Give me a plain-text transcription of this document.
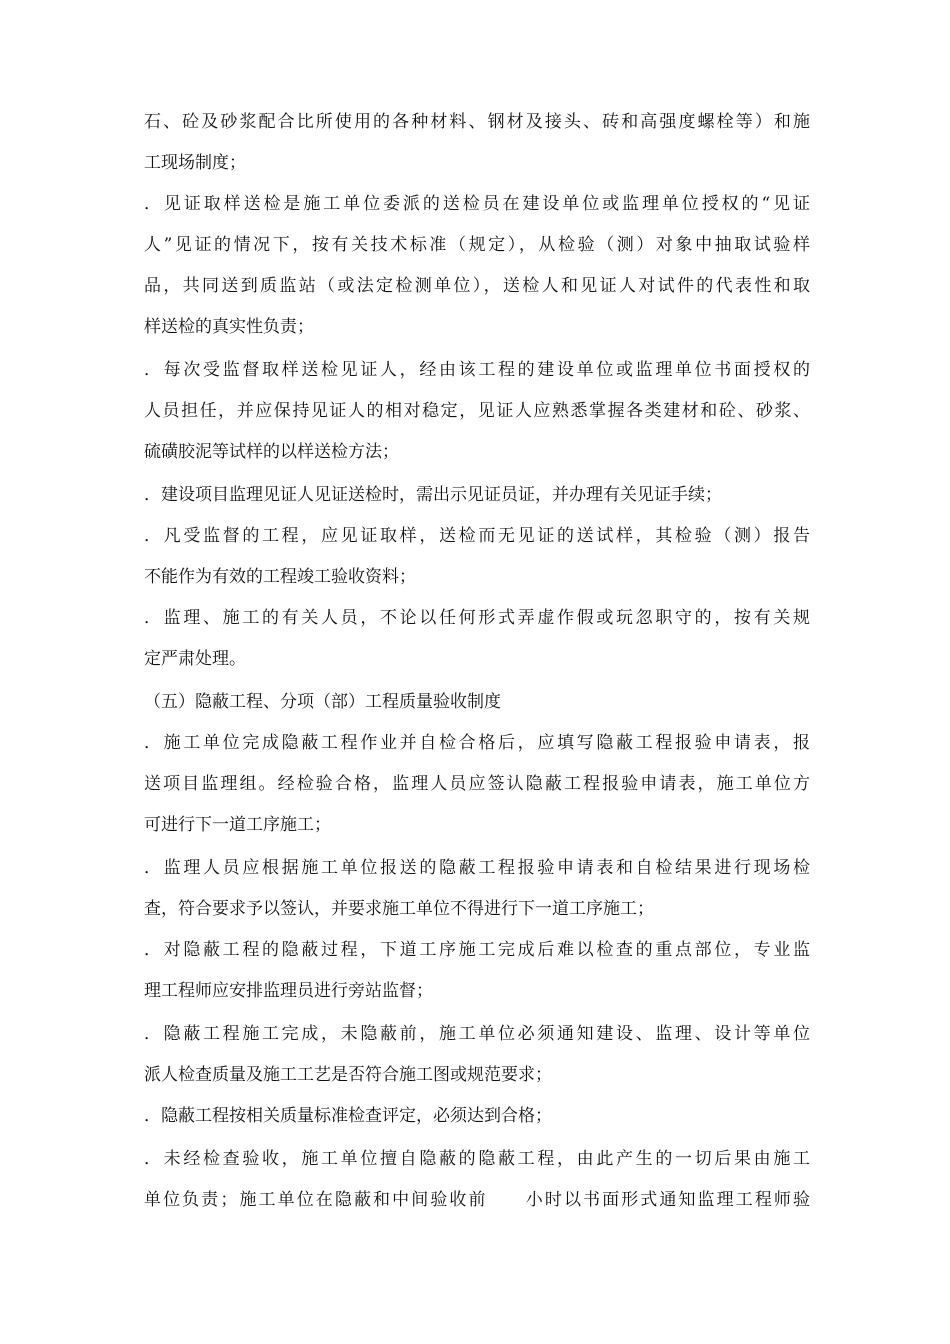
石、砼及砂浆配合比所使用的各种材料、钢材及接头、砖和高强度螺栓等）和施
工现场制度；
．见证取样送检是施工单位委派的送检员在建设单位或监理单位授权的“见证
人”见证的情况下，按有关技术标准（规定），从检验（测）对象中抽取试验样
品，共同送到质监站（或法定检测单位），送检人和见证人对试件的代表性和取
样送检的真实性负责；
．每次受监督取样送检见证人，经由该工程的建设单位或监理单位书面授权的
人员担任，并应保持见证人的相对稳定，见证人应熟悉掌握各类建材和砼、砂浆、
硫磺胶泥等试样的以样送检方法；
．建设项目监理见证人见证送检时，需出示见证员证，并办理有关见证手续；
．凡受监督的工程，应见证取样，送检而无见证的送试样，其检验（测）报告
不能作为有效的工程竣工验收资料；
．监理、施工的有关人员，不论以任何形式弄虚作假或玩忽职守的，按有关规
定严肃处理。
（五）隐蔽工程、分项（部）工程质量验收制度
．施工单位完成隐蔽工程作业并自检合格后，应填写隐蔽工程报验申请表，报
送项目监理组。经检验合格，监理人员应签认隐蔽工程报验申请表，施工单位方
可进行下一道工序施工；
．监理人员应根据施工单位报送的隐蔽工程报验申请表和自检结果进行现场检
查，符合要求予以签认，并要求施工单位不得进行下一道工序施工；
．对隐蔽工程的隐蔽过程，下道工序施工完成后难以检查的重点部位，专业监
理工程师应安排监理员进行旁站监督；
．隐蔽工程施工完成，未隐蔽前，施工单位必须通知建设、监理、设计等单位
派人检查质量及施工工艺是否符合施工图或规范要求；
．隐蔽工程按相关质量标准检查评定，必须达到合格；
．未经检查验收，施工单位擅自隐蔽的隐蔽工程，由此产生的一切后果由施工
单位负责；施工单位在隐蔽和中间验收前　　小时以书面形式通知监理工程师验
